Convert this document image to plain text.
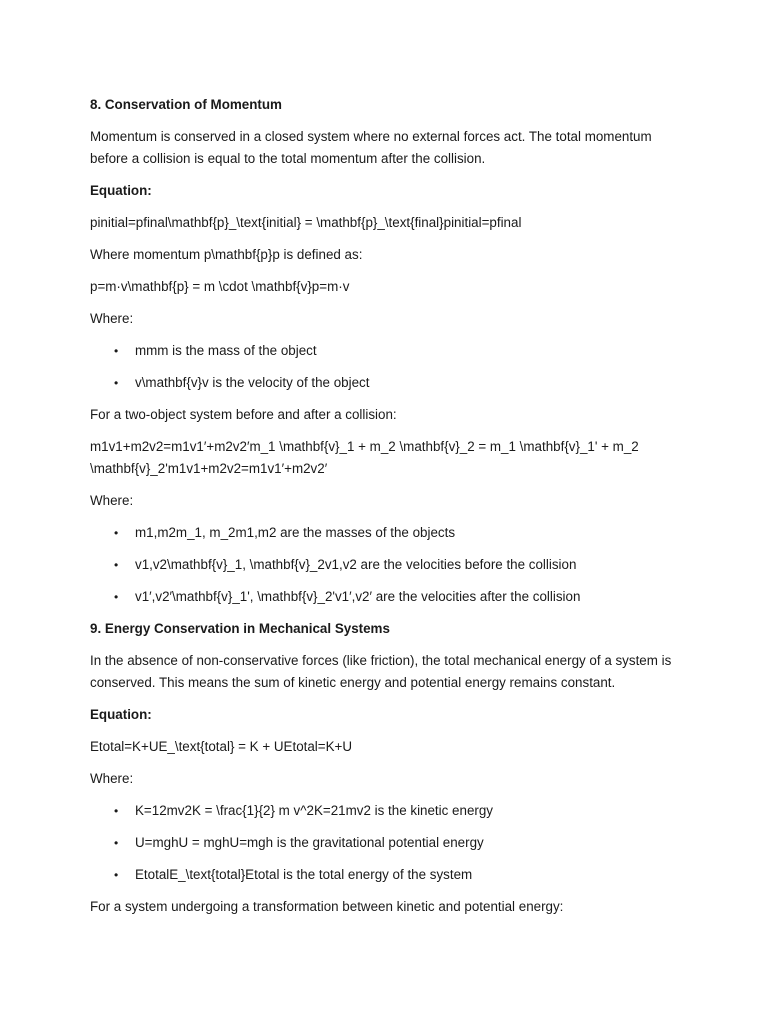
8. Conservation of Momentum
Momentum is conserved in a closed system where no external forces act. The total momentum before a collision is equal to the total momentum after the collision.
Equation:
pinitial=pfinal\mathbf{p}_\text{initial} = \mathbf{p}_\text{final}pinitial=pfinal
Where momentum p\mathbf{p}p is defined as:
p=m·v\mathbf{p} = m \cdot \mathbf{v}p=m·v
Where:
• mmm is the mass of the object
• v\mathbf{v}v is the velocity of the object
For a two-object system before and after a collision:
m1v1+m2v2=m1v1′+m2v2′m_1 \mathbf{v}_1 + m_2 \mathbf{v}_2 = m_1 \mathbf{v}_1' + m_2 \mathbf{v}_2'm1v1+m2v2=m1v1′+m2v2′
Where:
• m1,m2m_1, m_2m1,m2 are the masses of the objects
• v1,v2\mathbf{v}_1, \mathbf{v}_2v1,v2 are the velocities before the collision
• v1′,v2′\mathbf{v}_1', \mathbf{v}_2'v1′,v2′ are the velocities after the collision
9. Energy Conservation in Mechanical Systems
In the absence of non-conservative forces (like friction), the total mechanical energy of a system is conserved. This means the sum of kinetic energy and potential energy remains constant.
Equation:
Etotal=K+UE_\text{total} = K + UEtotal=K+U
Where:
• K=12mv2K = \frac{1}{2} m v^2K=21mv2 is the kinetic energy
• U=mghU = mghU=mgh is the gravitational potential energy
• EtotalE_\text{total}Etotal is the total energy of the system
For a system undergoing a transformation between kinetic and potential energy:
